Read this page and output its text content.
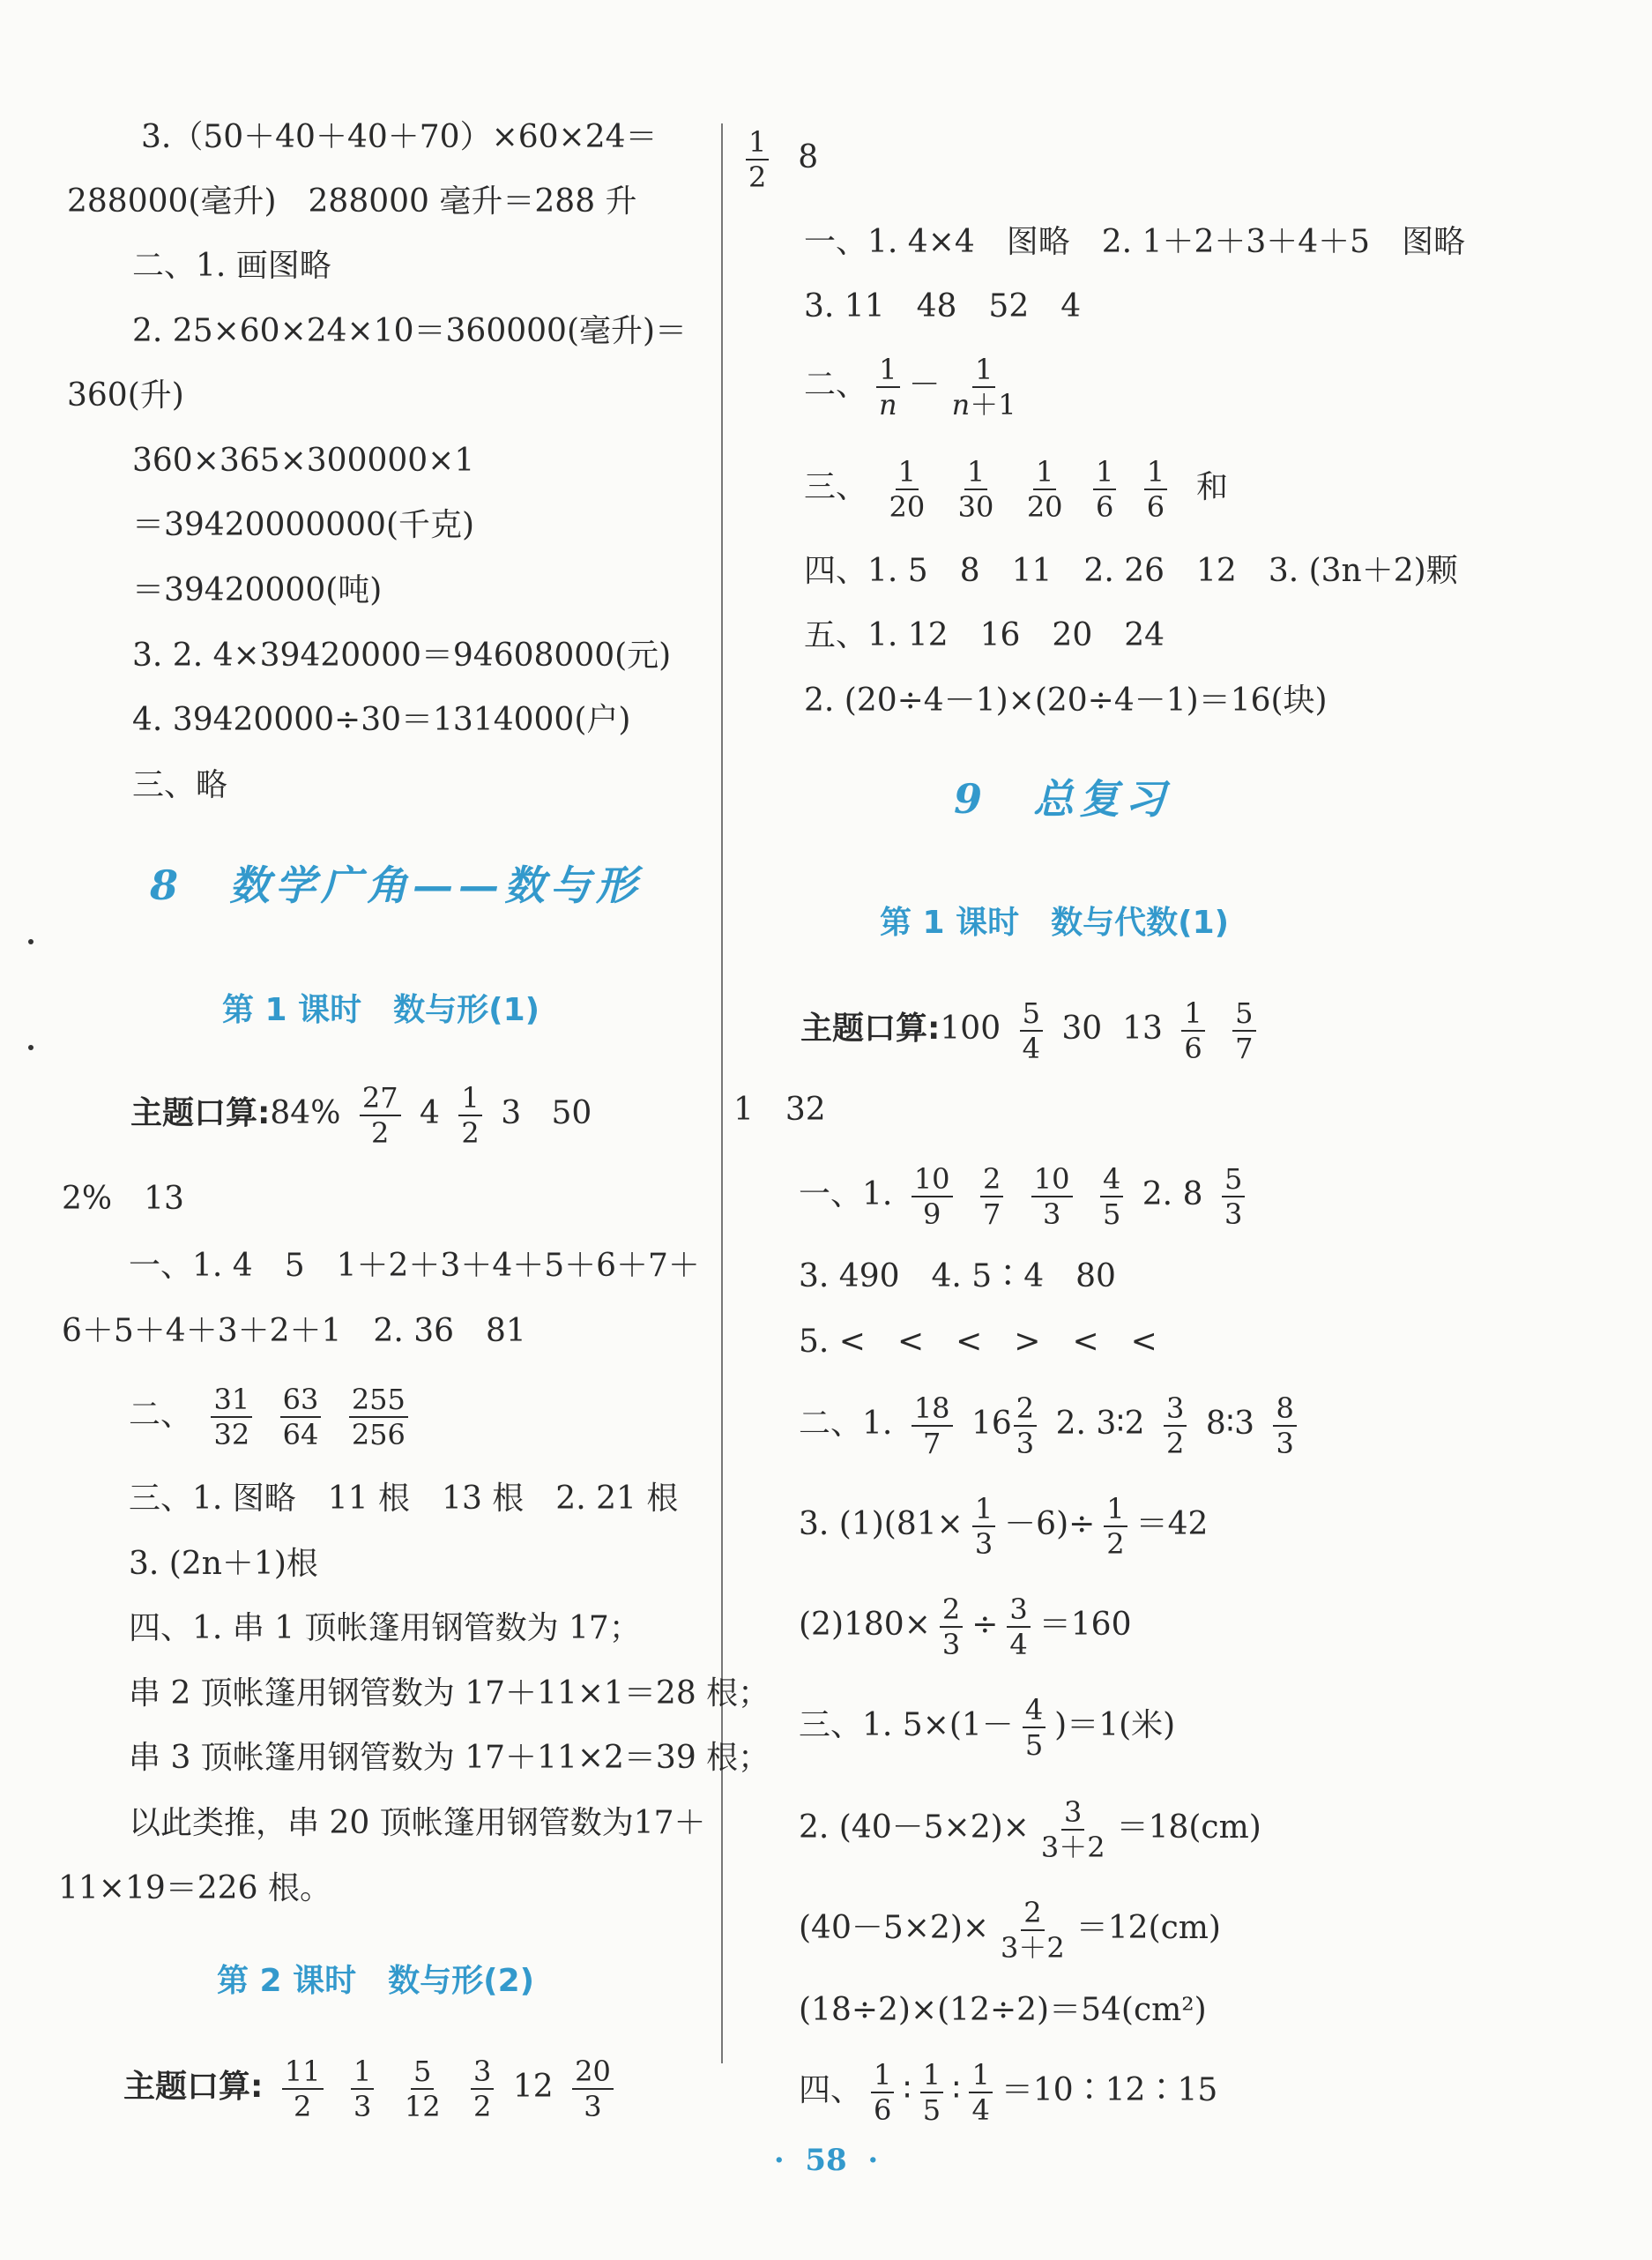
3.（50＋40＋40＋70）×60×24＝
288000(毫升)　288000 毫升＝288 升
二、1. 画图略
2. 25×60×24×10＝360000(毫升)＝
360(升)
360×365×300000×1
＝39420000000(千克)
＝39420000(吨)
3. 2. 4×39420000＝94608000(元)
4. 39420000÷30＝1314000(户)
三、略
8　数学广角——数与形
第 1 课时　数与形(1)
主题口算:84% $\frac{27}{2} 4 \frac{1}{2} 3$ 50
2%　13
一、1. 4　5　1＋2＋3＋4＋5＋6＋7＋
6＋5＋4＋3＋2＋1　2. 36　81
二、 $\frac{31}{32}$
$\frac{63}{64}$
$\frac{255}{256}$
三、1. 图略　11 根　13 根　2. 21 根
3. (2n＋1)根
四、1. 串 1 顶帐篷用钢管数为 17；
串 2 顶帐篷用钢管数为 17＋11×1＝28 根；
串 3 顶帐篷用钢管数为 17＋11×2＝39 根；
以此类推，串 20 顶帐篷用钢管数为17＋
11×19＝226 根。
第 2 课时　数与形(2)
主题口算: $\frac{11}{2}$
$\frac{1}{3}$
$\frac{5}{12}$
$\frac{3}{2} 12 \frac{20}{3}$
$\frac{1}{2} 8$
一、1. 4×4　图略　2. 1＋2＋3＋4＋5　图略
3. 11　48　52　4
二、 $\frac{1}{n} - \frac{1}{n+1}$
三、 $\frac{1}{20}$
$\frac{1}{30}$
$\frac{1}{20}$
$\frac{1}{6}$
$\frac{1}{6}$ 和
四、1. 5　8　11　2. 26　12　3. (3n＋2)颗
五、1. 12　16　20　24
2. (20÷4－1)×(20÷4－1)＝16(块)
9　总复习
第 1 课时　数与代数(1)
主题口算:100 $\frac{5}{4} 30$ $13 \frac{1}{6}$
$\frac{5}{7}$
1　32
一、1. $\frac{10}{9}$
$\frac{2}{7}$
$\frac{10}{3}$
$\frac{4}{5} 2$. $8 \frac{5}{3}$
3. 490　4. 5∶4　80
5. <　<　<　>　<　<
二、1. $\frac{18}{7} 16 \frac{2}{3} 2$. 3∶2 $\frac{3}{2}$ 8∶3 $\frac{8}{3}$
3. $(1)(81\times \frac{1}{3} -6)\div \frac{1}{2} =42$
$(2)180\times \frac{2}{3} \div \frac{3}{4} =160$
三、1. $5\times(1- \frac{4}{5} )=1$(米)
2. $(40-5\times 2)\times \frac{3}{3+2} =18(cm)$
$(40-5\times 2)\times \frac{2}{3+2} =12(cm)$
(18÷2)×(12÷2)＝54(cm²)
四、 $\frac{1}{6}$ ∶ $\frac{1}{5}$ ∶ $\frac{1}{4}$ ＝10∶12∶15
·  58  ·
